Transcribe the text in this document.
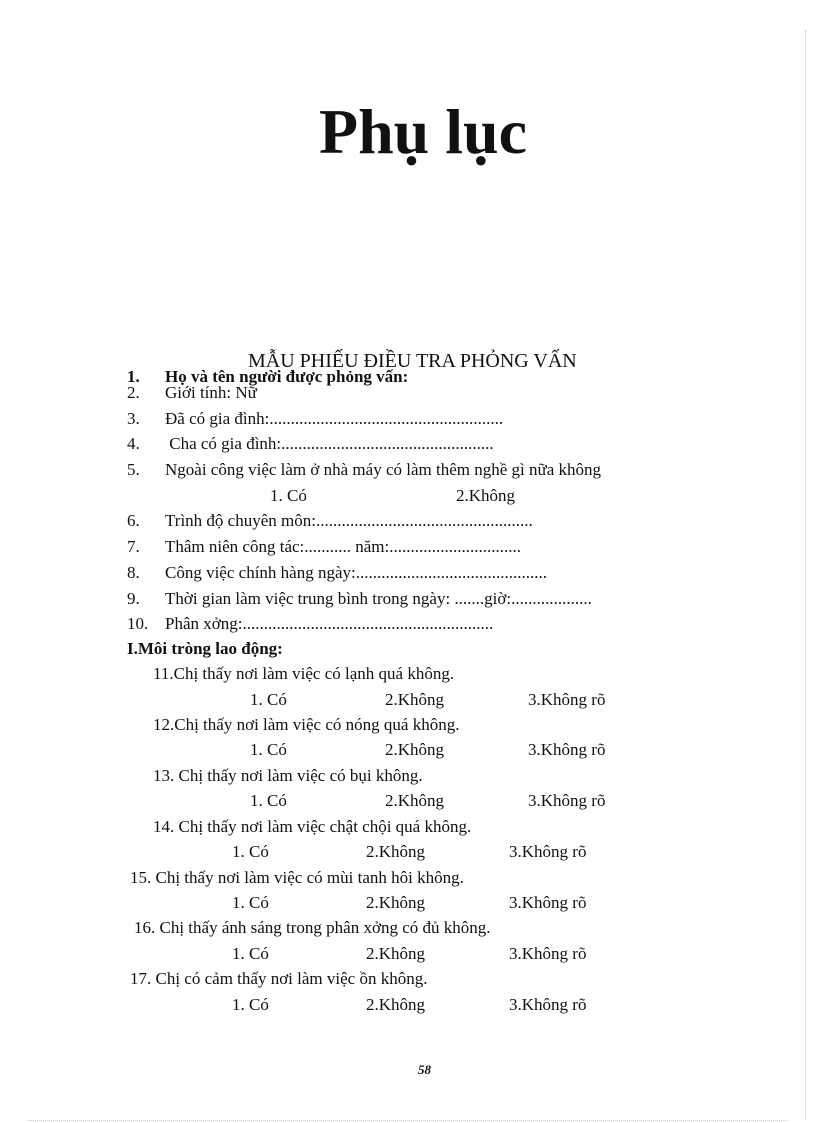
Phụ lục
MẪU PHIẾU ĐIỀU TRA PHỎNG VẤN
1. Họ và tên người được phỏng vấn:
2. Giới tính: Nữ
3. Đã có gia đình:.......................................................
4. Cha có gia đình:..................................................
5. Ngoài công việc làm ở nhà máy có làm thêm nghề gì nữa không
1. Có	2.Không
6. Trình độ chuyên môn:...................................................
7. Thâm niên công tác:........... năm:...............................
8. Công việc chính hàng ngày:.............................................
9. Thời gian làm việc trung bình trong ngày: .......giờ:...................
10. Phân xởng:...........................................................
I.Môi tròng lao động:
11.Chị thấy nơi làm việc có lạnh quá không.
1. Có	2.Không	3.Không rõ
12.Chị thấy nơi làm việc có nóng quá không.
1. Có	2.Không	3.Không rõ
13. Chị thấy nơi làm việc có bụi không.
1. Có	2.Không	3.Không rõ
14. Chị thấy nơi làm việc chật chội quá không.
1. Có	2.Không	3.Không rõ
15. Chị thấy nơi làm việc có mùi tanh hôi không.
1. Có	2.Không	3.Không rõ
16. Chị thấy ánh sáng trong phân xởng có đủ không.
1. Có	2.Không	3.Không rõ
17. Chị có cảm thấy nơi làm việc ồn không.
1. Có	2.Không	3.Không rõ
58
